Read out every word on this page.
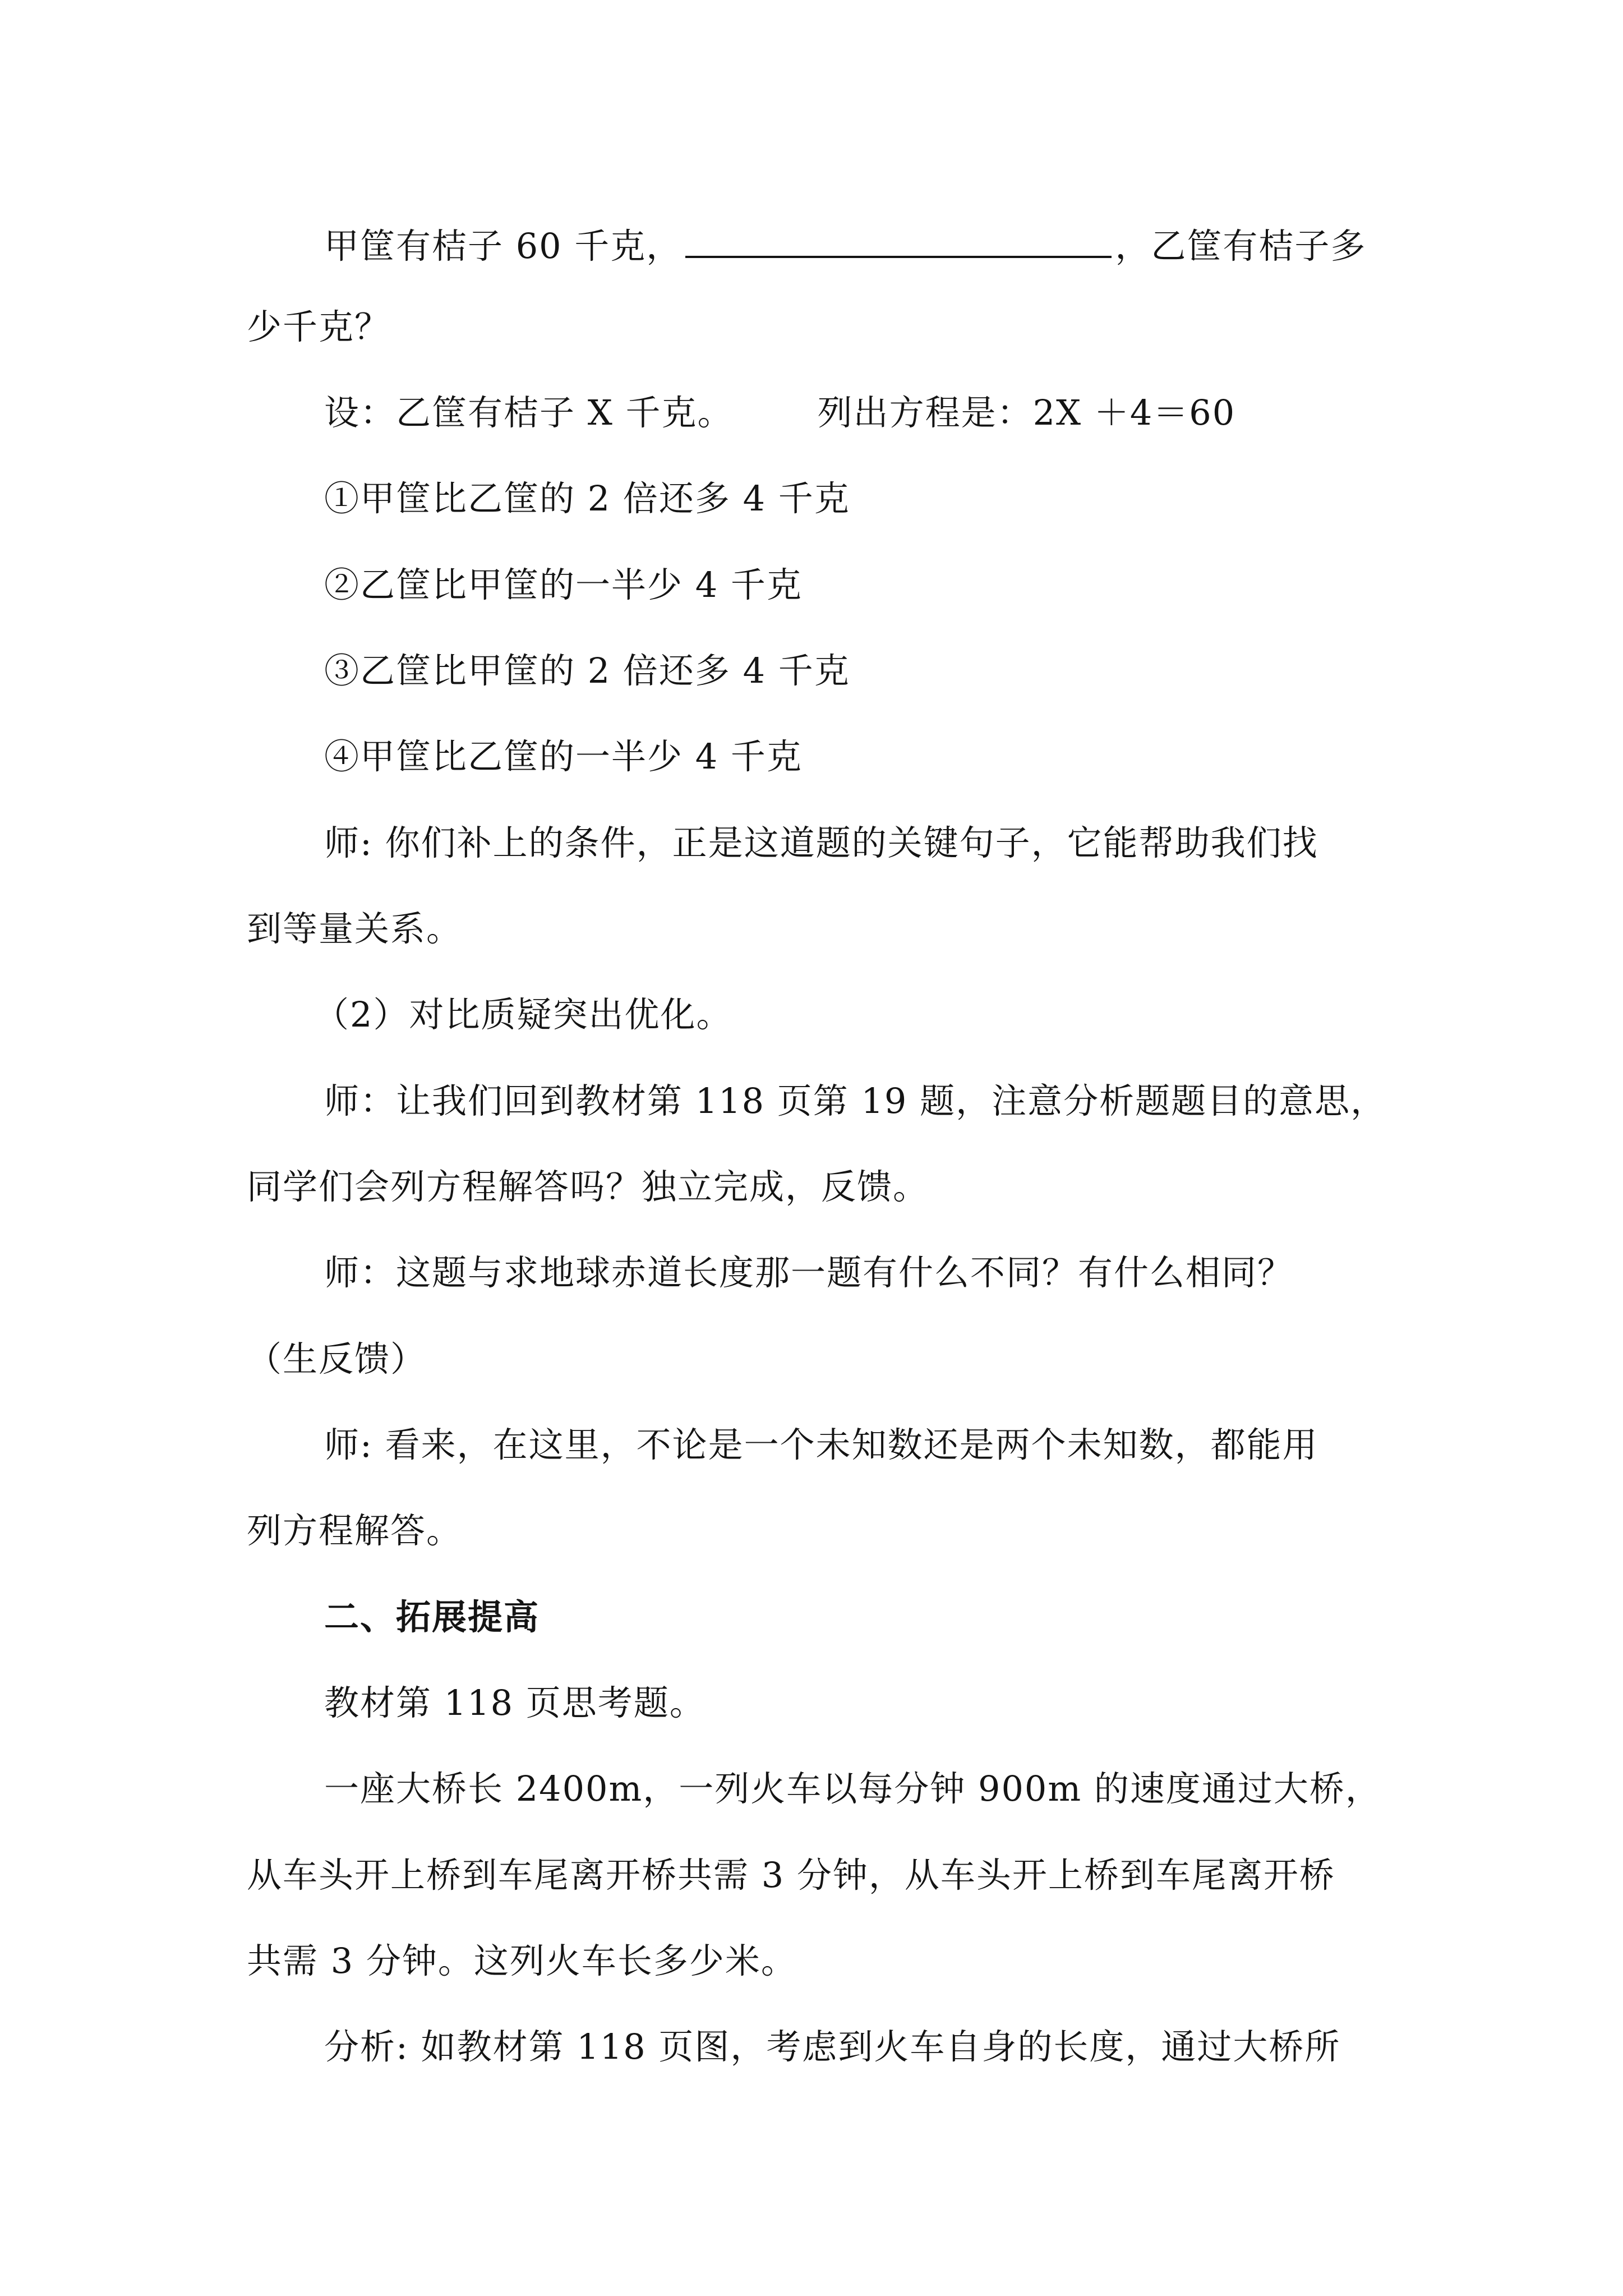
甲筐有桔子 60 千克，	，乙筐有桔子多
少千克？
设：乙筐有桔子 X 千克。 列出方程是：2X ＋4＝60
①甲筐比乙筐的 2 倍还多 4 千克
②乙筐比甲筐的一半少 4 千克
③乙筐比甲筐的 2 倍还多 4 千克
④甲筐比乙筐的一半少 4 千克
师: 你们补上的条件，正是这道题的关键句子，它能帮助我们找
到等量关系。
（2）对比质疑突出优化。
师：让我们回到教材第 118 页第 19 题，注意分析题题目的意思，
同学们会列方程解答吗？独立完成，反馈。
师：这题与求地球赤道长度那一题有什么不同？有什么相同？
（生反馈）
师: 看来，在这里，不论是一个未知数还是两个未知数，都能用
列方程解答。
二、拓展提高
教材第 118 页思考题。
一座大桥长 2400m，一列火车以每分钟 900m 的速度通过大桥，
从车头开上桥到车尾离开桥共需 3 分钟，从车头开上桥到车尾离开桥
共需 3 分钟。这列火车长多少米。
分析: 如教材第 118 页图，考虑到火车自身的长度，通过大桥所
